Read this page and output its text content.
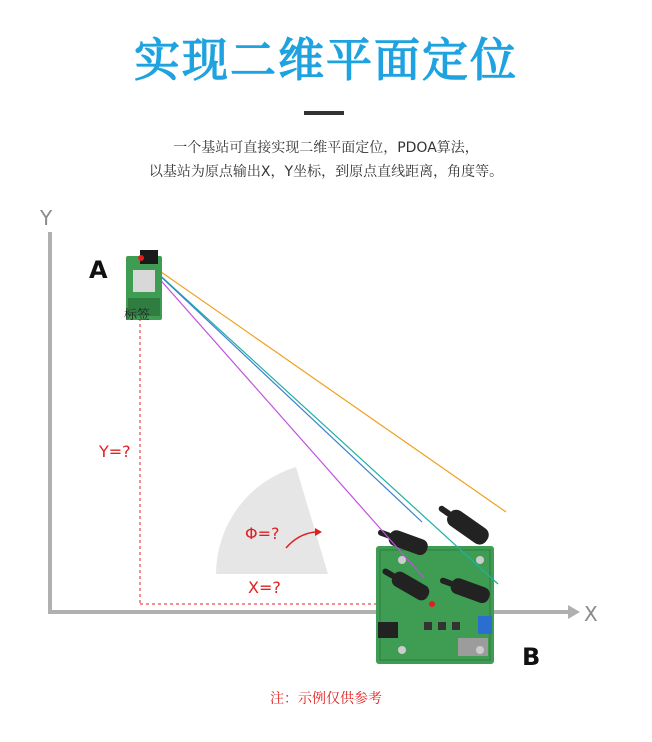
实现二维平面定位
一个基站可直接实现二维平面定位，PDOA算法，
以基站为原点输出X，Y坐标，到原点直线距离，角度等。
Y
X
A
B
标签
Y=?
X=?
Φ=?
注：示例仅供参考
